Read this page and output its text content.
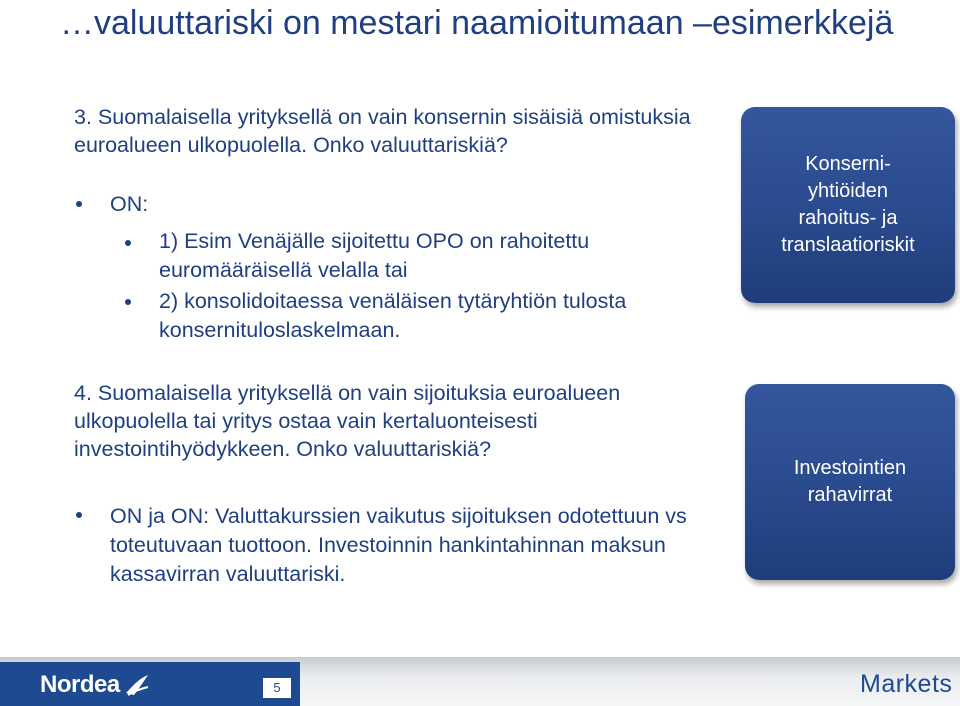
…valuuttariski on mestari naamioitumaan –esimerkkejä
3. Suomalaisella yrityksellä on vain konsernin sisäisiä omistuksia euroalueen ulkopuolella. Onko valuuttariskiä?
ON:
1) Esim Venäjälle sijoitettu OPO on rahoitettu euromääräisellä velalla tai
2) konsolidoitaessa venäläisen tytäryhtiön tulosta konsernituloslaskelmaan.
4. Suomalaisella yrityksellä on vain sijoituksia euroalueen ulkopuolella tai yritys ostaa vain kertaluonteisesti investointihyödykkeen. Onko valuuttariskiä?
ON ja ON: Valuttakurssien vaikutus sijoituksen odotettuun vs toteutuvaan tuottoon. Investoinnin hankintahinnan maksun kassavirran valuuttariski.
Konserni-
yhtiöiden
rahoitus- ja
translaatioriskit
Investointien
rahavirrat
Nordea	5	Markets
